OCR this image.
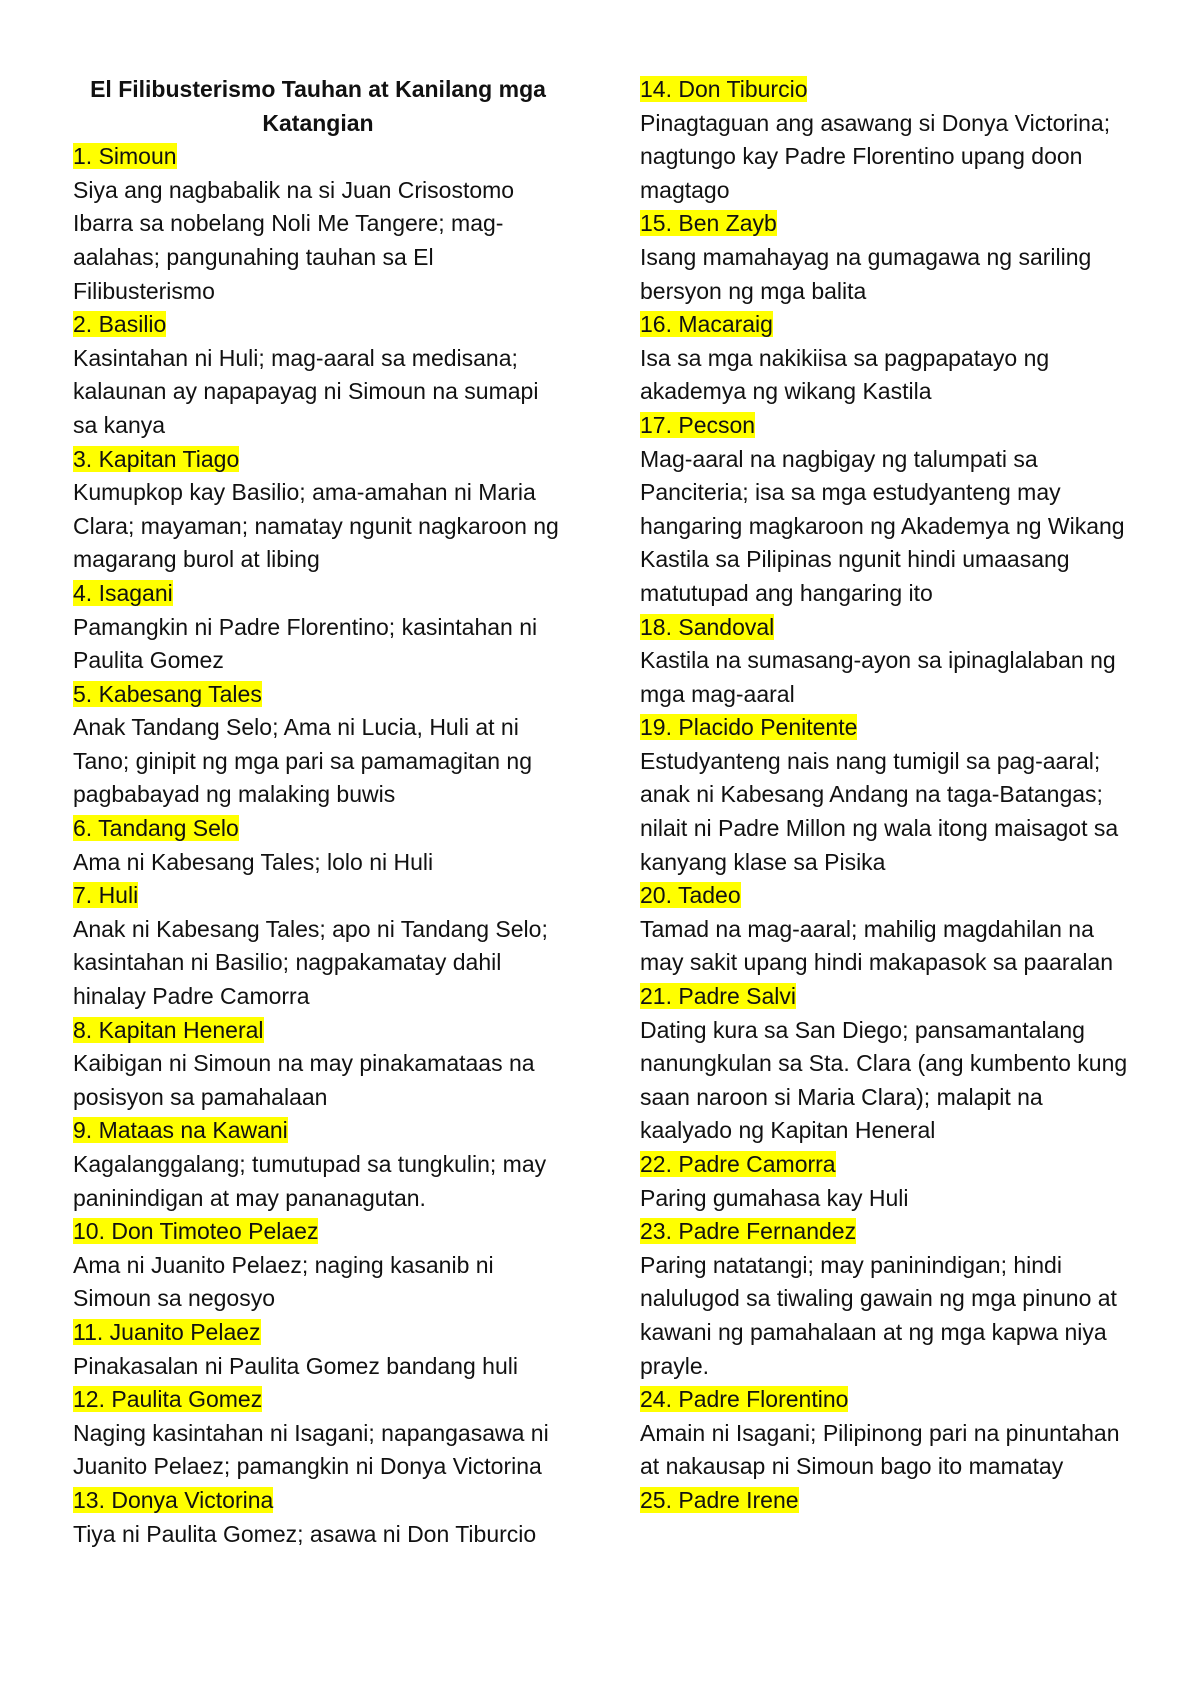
El Filibusterismo Tauhan at Kanilang mga Katangian

1. Simoun

Siya ang nagbabalik na si Juan Crisostomo Ibarra sa nobelang Noli Me Tangere; mag-aalahas; pangunahing tauhan sa El Filibusterismo

2. Basilio

Kasintahan ni Huli; mag-aaral sa medisana; kalaunan ay napapayag ni Simoun na sumapi sa kanya

3. Kapitan Tiago

Kumupkop kay Basilio; ama-amahan ni Maria Clara; mayaman; namatay ngunit nagkaroon ng magarang burol at libing

4. Isagani

Pamangkin ni Padre Florentino; kasintahan ni Paulita Gomez

5. Kabesang Tales

Anak Tandang Selo; Ama ni Lucia, Huli at ni Tano; ginipit ng mga pari sa pamamagitan ng pagbabayad ng malaking buwis

6. Tandang Selo

Ama ni Kabesang Tales; lolo ni Huli

7. Huli

Anak ni Kabesang Tales; apo ni Tandang Selo; kasintahan ni Basilio; nagpakamatay dahil hinalay Padre Camorra

8. Kapitan Heneral

Kaibigan ni Simoun na may pinakamataas na posisyon sa pamahalaan

9. Mataas na Kawani

Kagalanggalang; tumutupad sa tungkulin; may paninindigan at may pananagutan.

10. Don Timoteo Pelaez

Ama ni Juanito Pelaez; naging kasanib ni Simoun sa negosyo

11. Juanito Pelaez

Pinakasalan ni Paulita Gomez bandang huli

12. Paulita Gomez

Naging kasintahan ni Isagani; napangasawa ni Juanito Pelaez; pamangkin ni Donya Victorina

13. Donya Victorina

Tiya ni Paulita Gomez; asawa ni Don Tiburcio

14. Don Tiburcio

Pinagtaguan ang asawang si Donya Victorina; nagtungo kay Padre Florentino upang doon magtago

15. Ben Zayb

Isang mamahayag na gumagawa ng sariling bersyon ng mga balita

16. Macaraig

Isa sa mga nakikiisa sa pagpapatayo ng akademya ng wikang Kastila

17. Pecson

Mag-aaral na nagbigay ng talumpati sa Panciteria; isa sa mga estudyanteng may hangaring magkaroon ng Akademya ng Wikang Kastila sa Pilipinas ngunit hindi umaasang matutupad ang hangaring ito

18. Sandoval

Kastila na sumasang-ayon sa ipinaglalaban ng mga mag-aaral

19. Placido Penitente

Estudyanteng nais nang tumigil sa pag-aaral; anak ni Kabesang Andang na taga-Batangas; nilait ni Padre Millon ng wala itong maisagot sa kanyang klase sa Pisika

20. Tadeo

Tamad na mag-aaral; mahilig magdahilan na may sakit upang hindi makapasok sa paaralan

21. Padre Salvi

Dating kura sa San Diego; pansamantalang nanungkulan sa Sta. Clara (ang kumbento kung saan naroon si Maria Clara); malapit na kaalyado ng Kapitan Heneral

22. Padre Camorra

Paring gumahasa kay Huli

23. Padre Fernandez

Paring natatangi; may paninindigan; hindi nalulugod sa tiwaling gawain ng mga pinuno at kawani ng pamahalaan at ng mga kapwa niya prayle.

24. Padre Florentino

Amain ni Isagani; Pilipinong pari na pinuntahan at nakausap ni Simoun bago ito mamatay

25. Padre Irene
